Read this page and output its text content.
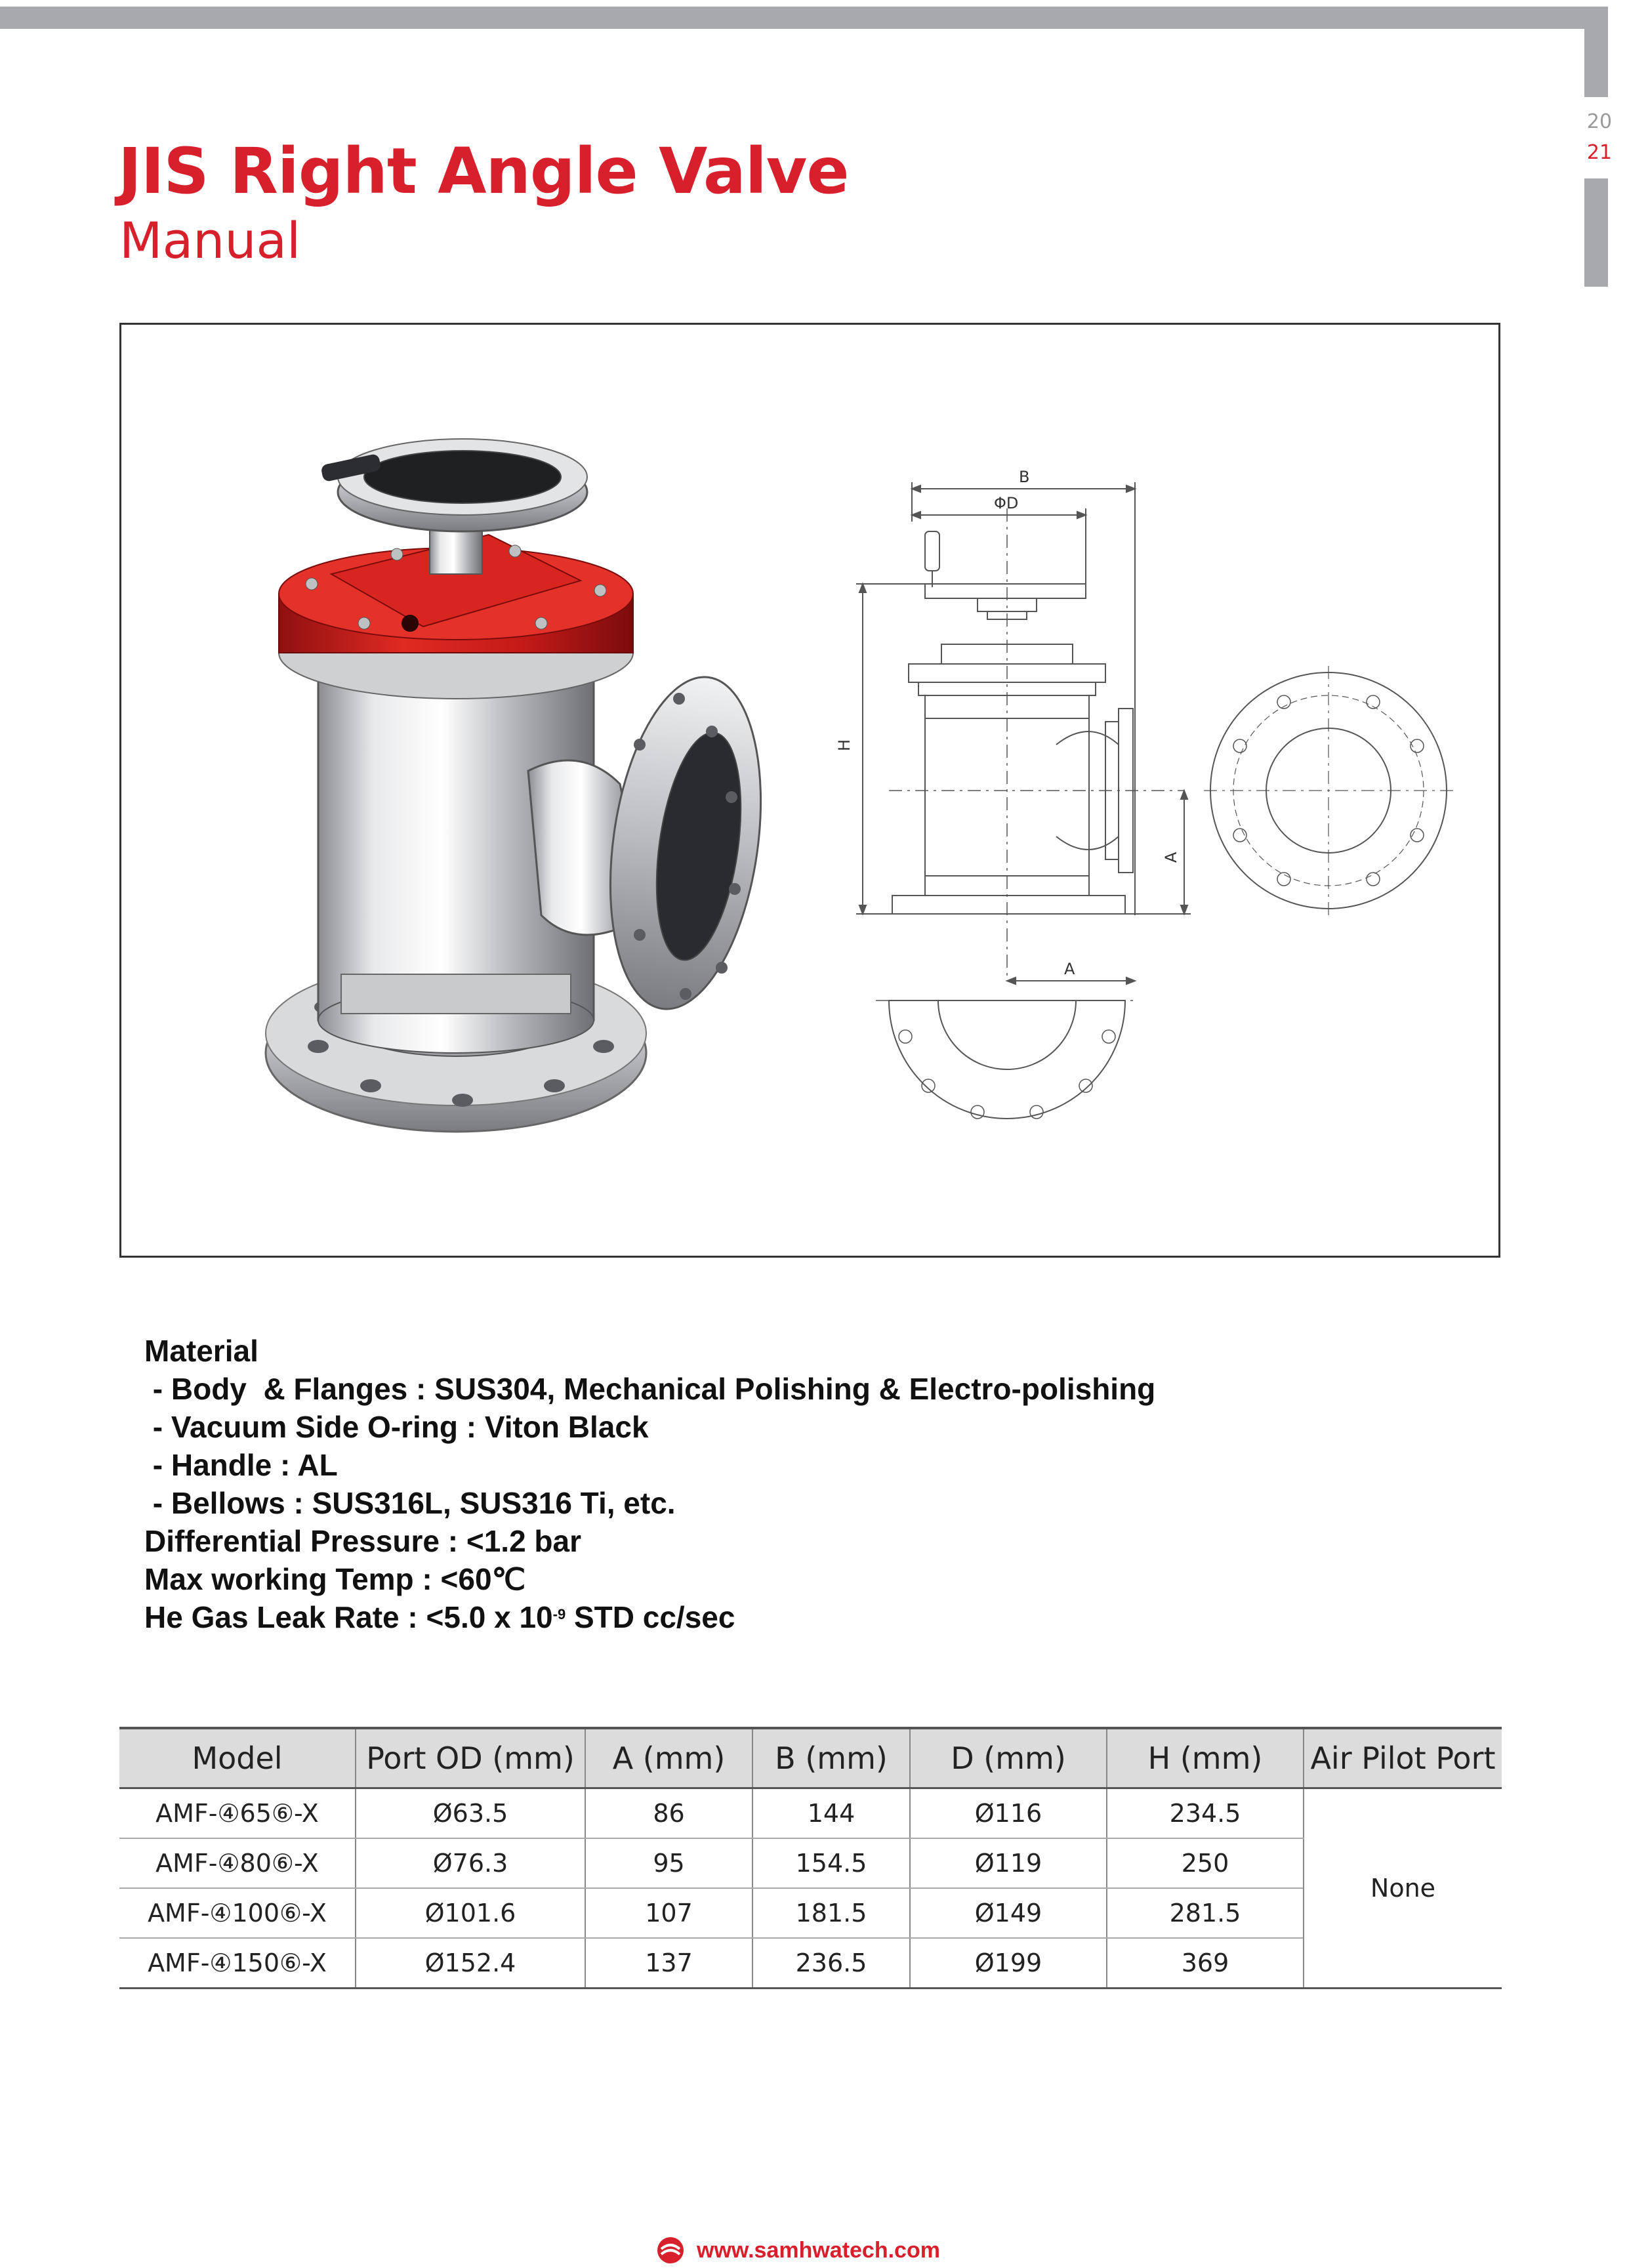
20
21
JIS Right Angle Valve
Manual
B
ΦD
H
A
A
Material
- Body  & Flanges : SUS304, Mechanical Polishing & Electro-polishing
- Vacuum Side O-ring : Viton Black
- Handle : AL
- Bellows : SUS316L, SUS316 Ti, etc.
Differential Pressure : <1.2 bar
Max working Temp : <60℃
He Gas Leak Rate : <5.0 x $10^{-9}$ STD cc/sec
Model	Port OD (mm)	A (mm)	B (mm)	D (mm)	H (mm)	Air Pilot Port
AMF-④65⑥-X	Ø63.5	86	144	Ø116	234.5	None
AMF-④80⑥-X	Ø76.3	95	154.5	Ø119	250	
AMF-④100⑥-X	Ø101.6	107	181.5	Ø149	281.5	
AMF-④150⑥-X	Ø152.4	137	236.5	Ø199	369	
www.samhwatech.com
